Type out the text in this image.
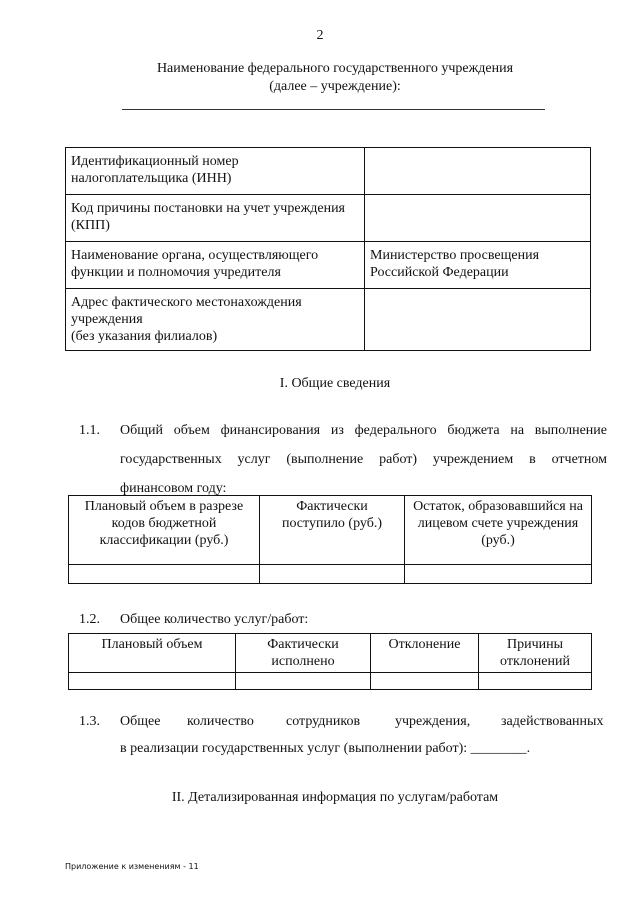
2
Наименование федерального государственного учреждения
(далее – учреждение):
Идентификационный номер налогоплательщика (ИНН)	
Код причины постановки на учет учреждения (КПП)	
Наименование органа, осуществляющего функции и полномочия учредителя	Министерство просвещения Российской Федерации

Адрес фактического местонахождения учреждения
(без указания филиалов)	

I. Общие сведения
1.1. Общий объем финансирования из федерального бюджета на выполнение государственных услуг (выполнение работ) учреждением в отчетном финансовом году:
Плановый объем в разрезе кодов бюджетной классификации (руб.)	Фактически поступило (руб.)	Остаток, образовавшийся на лицевом счете учреждения (руб.)

1.2. Общее количество услуг/работ:
Плановый объем	Фактически исполнено	Отклонение	Причины отклонений

1.3. Общее количество сотрудников учреждения, задействованных
в реализации государственных услуг (выполнении работ): ________.
II. Детализированная информация по услугам/работам
Приложение к изменениям - 11
